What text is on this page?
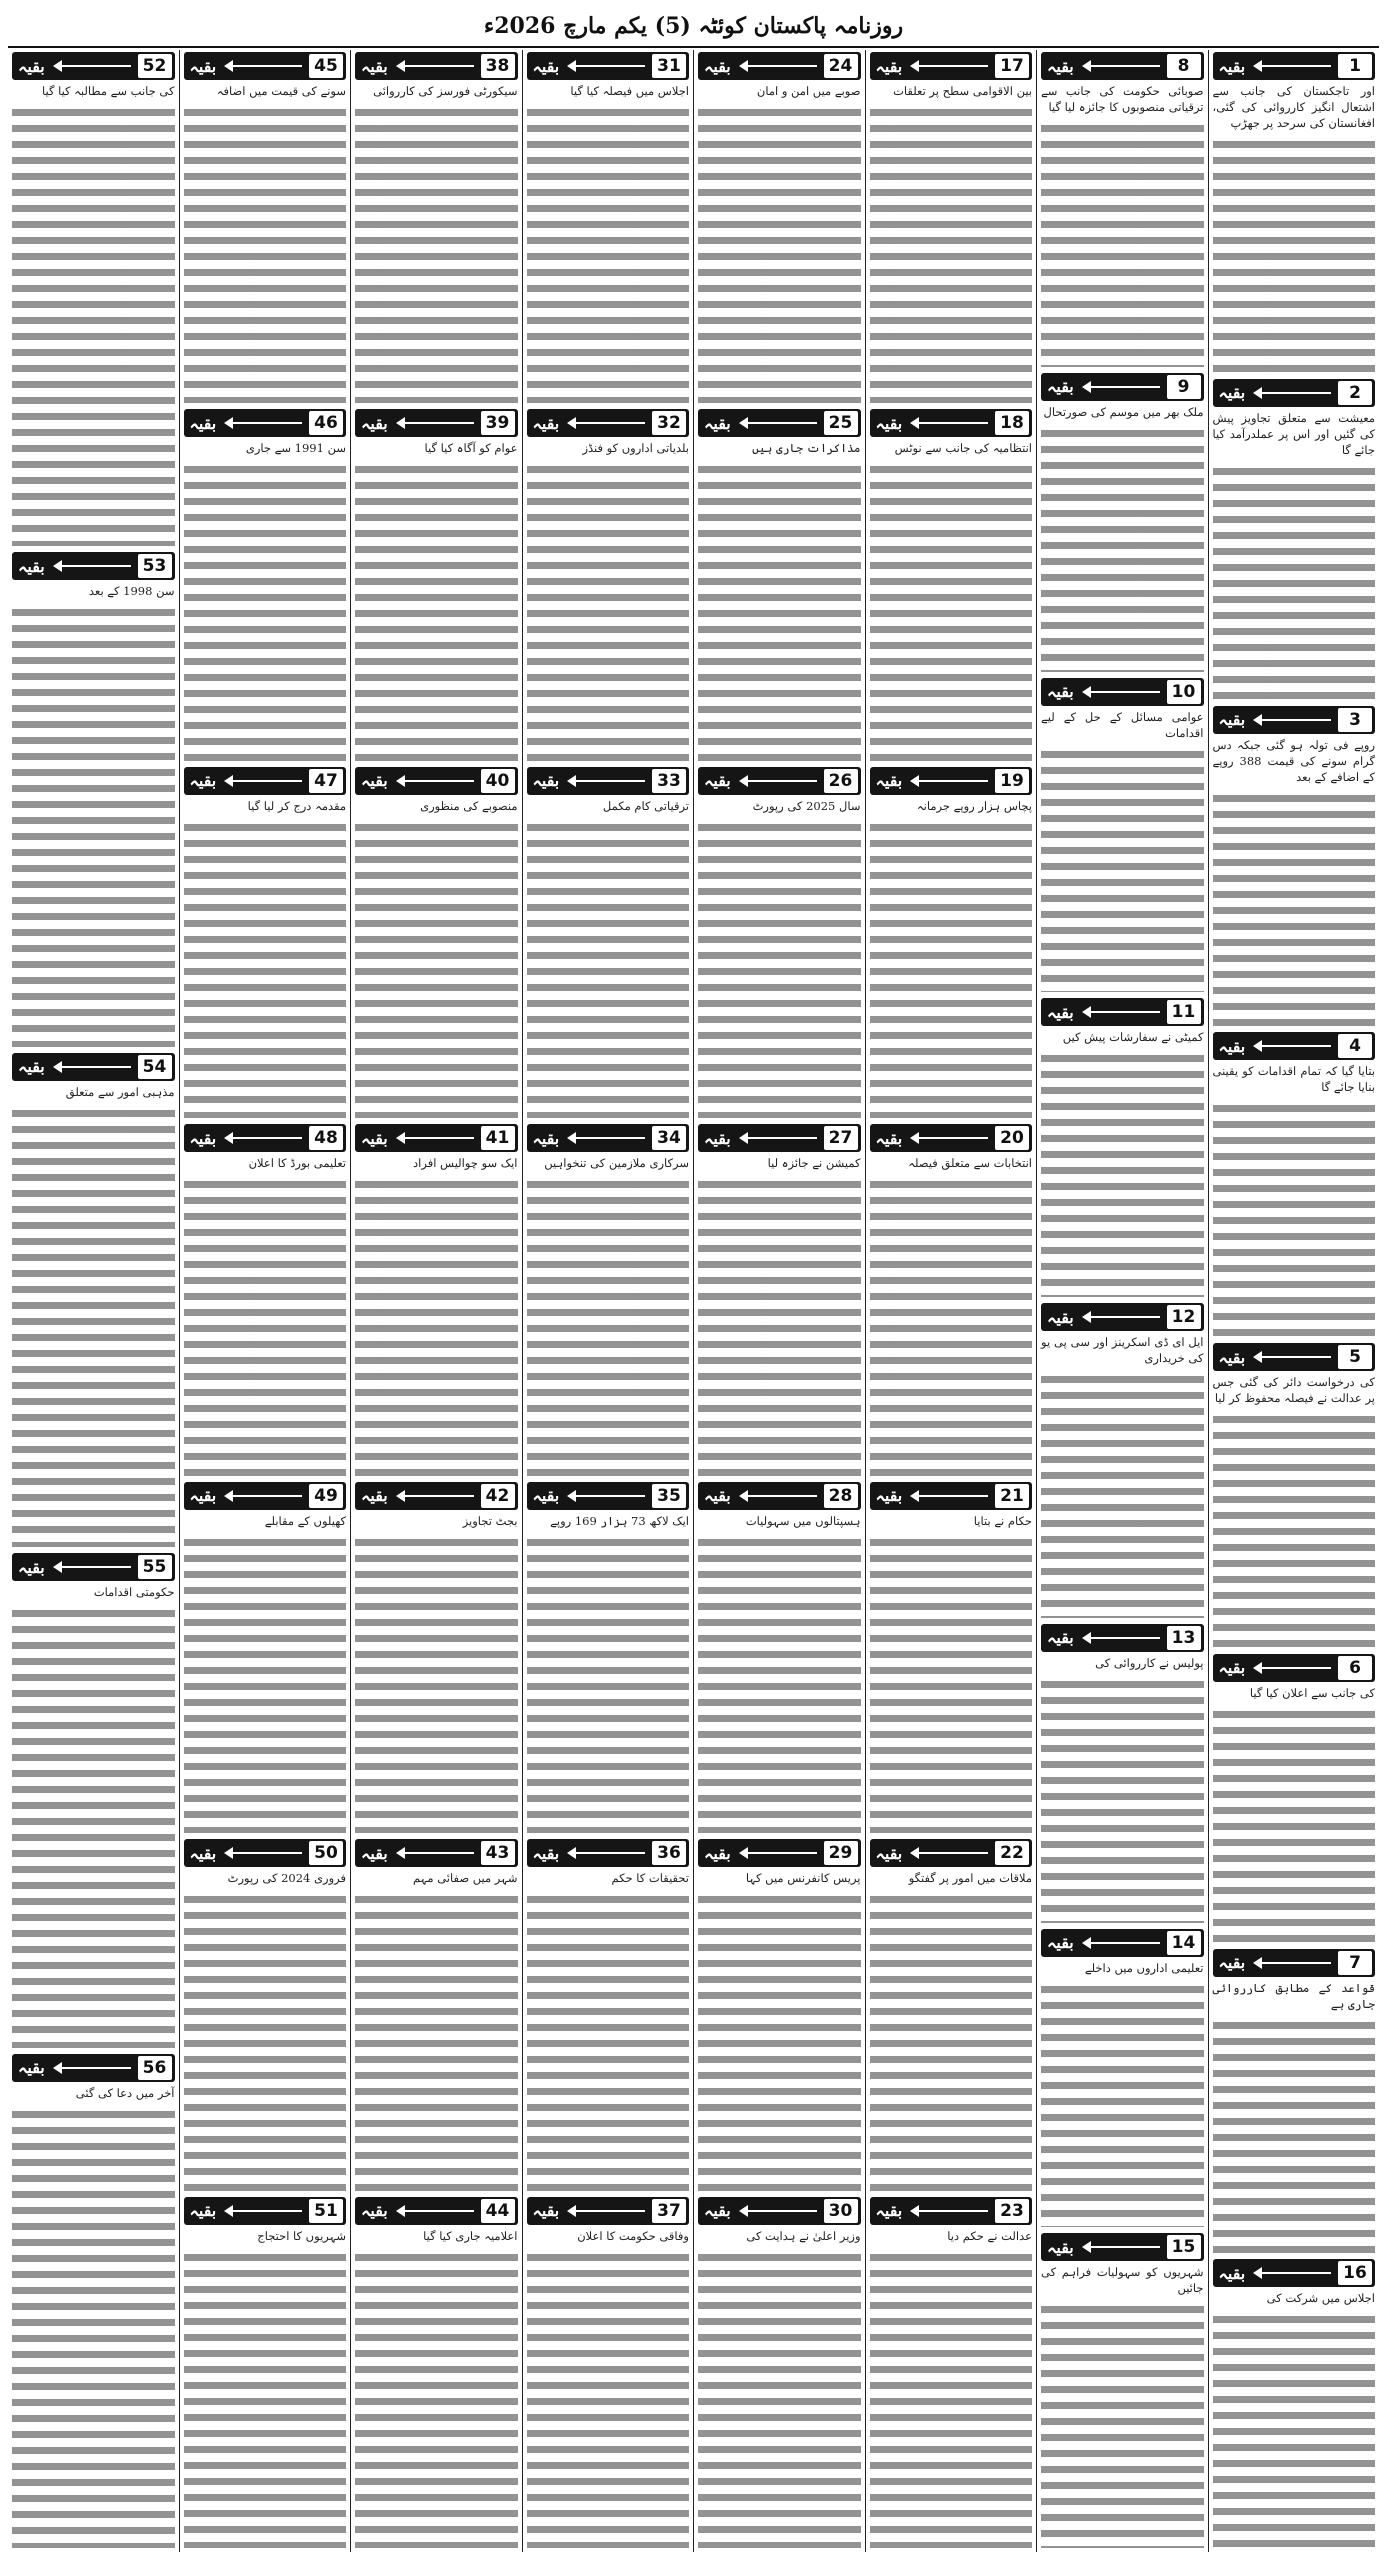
روزنامہ پاکستان کوئٹہ (5) یکم مارچ 2026ء
1
بقیہ
اور تاجکستان کی جانب سے اشتعال انگیز کارروائی کی گئی، افغانستان کی سرحد پر جھڑپ
2
بقیہ
معیشت سے متعلق تجاویز پیش کی گئیں اور اس پر عملدرآمد کیا جائے گا
3
بقیہ
روپے فی تولہ ہو گئی جبکہ دس گرام سونے کی قیمت 388 روپے کے اضافے کے بعد
4
بقیہ
بتایا گیا کہ تمام اقدامات کو یقینی بنایا جائے گا
5
بقیہ
کی درخواست دائر کی گئی جس پر عدالت نے فیصلہ محفوظ کر لیا
6
بقیہ
کی جانب سے اعلان کیا گیا
7
بقیہ
قواعد کے مطابق کارروائی جاری ہے
16
بقیہ
اجلاس میں شرکت کی
8
بقیہ
صوبائی حکومت کی جانب سے ترقیاتی منصوبوں کا جائزہ لیا گیا
9
بقیہ
ملک بھر میں موسم کی صورتحال
10
بقیہ
عوامی مسائل کے حل کے لیے اقدامات
11
بقیہ
کمیٹی نے سفارشات پیش کیں
12
بقیہ
ایل ای ڈی اسکرینز اور سی پی یو کی خریداری
13
بقیہ
پولیس نے کارروائی کی
14
بقیہ
تعلیمی اداروں میں داخلے
15
بقیہ
شہریوں کو سہولیات فراہم کی جائیں
17
بقیہ
بین الاقوامی سطح پر تعلقات
18
بقیہ
انتظامیہ کی جانب سے نوٹس
19
بقیہ
پچاس ہزار روپے جرمانہ
20
بقیہ
انتخابات سے متعلق فیصلہ
21
بقیہ
حکام نے بتایا
22
بقیہ
ملاقات میں امور پر گفتگو
23
بقیہ
عدالت نے حکم دیا
24
بقیہ
صوبے میں امن و امان
25
بقیہ
مذاکرات جاری ہیں
26
بقیہ
سال 2025 کی رپورٹ
27
بقیہ
کمیشن نے جائزہ لیا
28
بقیہ
ہسپتالوں میں سہولیات
29
بقیہ
پریس کانفرنس میں کہا
30
بقیہ
وزیر اعلیٰ نے ہدایت کی
31
بقیہ
اجلاس میں فیصلہ کیا گیا
32
بقیہ
بلدیاتی اداروں کو فنڈز
33
بقیہ
ترقیاتی کام مکمل
34
بقیہ
سرکاری ملازمین کی تنخواہیں
35
بقیہ
ایک لاکھ 73 ہزار 169 روپے
36
بقیہ
تحقیقات کا حکم
37
بقیہ
وفاقی حکومت کا اعلان
38
بقیہ
سیکورٹی فورسز کی کارروائی
39
بقیہ
عوام کو آگاہ کیا گیا
40
بقیہ
منصوبے کی منظوری
41
بقیہ
ایک سو چوالیس افراد
42
بقیہ
بجٹ تجاویز
43
بقیہ
شہر میں صفائی مہم
44
بقیہ
اعلامیہ جاری کیا گیا
45
بقیہ
سونے کی قیمت میں اضافہ
46
بقیہ
سن 1991 سے جاری
47
بقیہ
مقدمہ درج کر لیا گیا
48
بقیہ
تعلیمی بورڈ کا اعلان
49
بقیہ
کھیلوں کے مقابلے
50
بقیہ
فروری 2024 کی رپورٹ
51
بقیہ
شہریوں کا احتجاج
52
بقیہ
کی جانب سے مطالبہ کیا گیا
53
بقیہ
سن 1998 کے بعد
54
بقیہ
مذہبی امور سے متعلق
55
بقیہ
حکومتی اقدامات
56
بقیہ
آخر میں دعا کی گئی
